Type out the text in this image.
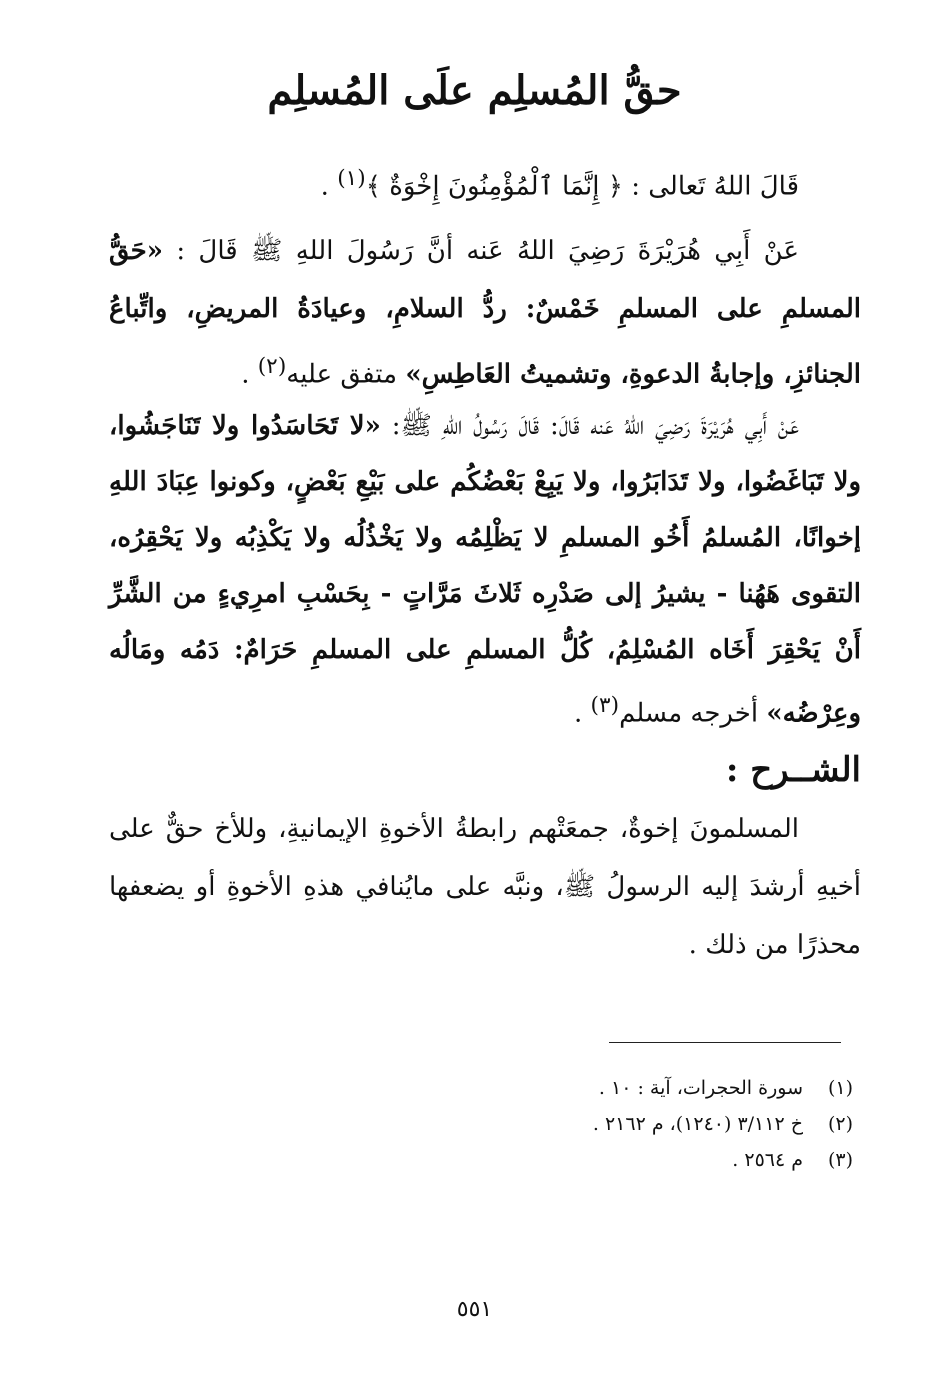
حقُّ المُسلِم علَى المُسلِم
قَالَ اللهُ تَعالى : ﴿ إِنَّمَا ٱلْمُؤْمِنُونَ إِخْوَةٌ ﴾$^{(١)}$ .
عَنْ أَبِي هُرَيْرَةَ رَضِيَ اللهُ عَنه أنَّ رَسُولَ اللهِ ﷺ قَالَ : «حَقُّ المسلمِ على المسلمِ خَمْسٌ: ردُّ السلامِ، وعيادَةُ المريضِ، واتِّباعُ الجنائزِ، وإجابةُ الدعوةِ، وتشميتُ العَاطِسِ» متفق عليه$^{(٢)}$ .
عَنْ أَبِي هُرَيْرَةَ رَضِيَ اللهُ عَنه قَالَ: قَالَ رَسُولُ اللهِ ﷺ: «لا تَحَاسَدُوا ولا تَنَاجَشُوا، ولا تَبَاغَضُوا، ولا تَدَابَرُوا، ولا يَبِعْ بَعْضُكُم على بَيْعِ بَعْضٍ، وكونوا عِبَادَ اللهِ إخوانًا، المُسلمُ أَخُو المسلمِ لا يَظْلِمُه ولا يَخْذُلُه ولا يَكْذِبُه ولا يَحْقِرُه، التقوى هَهُنا - يشيرُ إلى صَدْرِه ثَلاثَ مَرَّاتٍ - بِحَسْبِ امرِيءٍ من الشَّرِّ أَنْ يَحْقِرَ أَخَاه المُسْلِمُ، كُلُّ المسلمِ على المسلمِ حَرَامٌ: دَمُه ومَالُه وعِرْضُه» أخرجه مسلم$^{(٣)}$ .
الشــرح :
المسلمونَ إخوةٌ، جمعَتْهم رابطةُ الأخوةِ الإيمانيةِ، وللأخ حقٌّ على أخيهِ أرشدَ إليه الرسولُ ﷺ، ونبَّه على مايُنافي هذهِ الأخوةِ أو يضعفها محذرًا من ذلك .
(١)
سورة الحجرات، آية : ١٠ .
(٢)
خ ٣/١١٢ (١٢٤٠)، م ٢١٦٢ .
(٣)
م ٢٥٦٤ .
٥٥١
